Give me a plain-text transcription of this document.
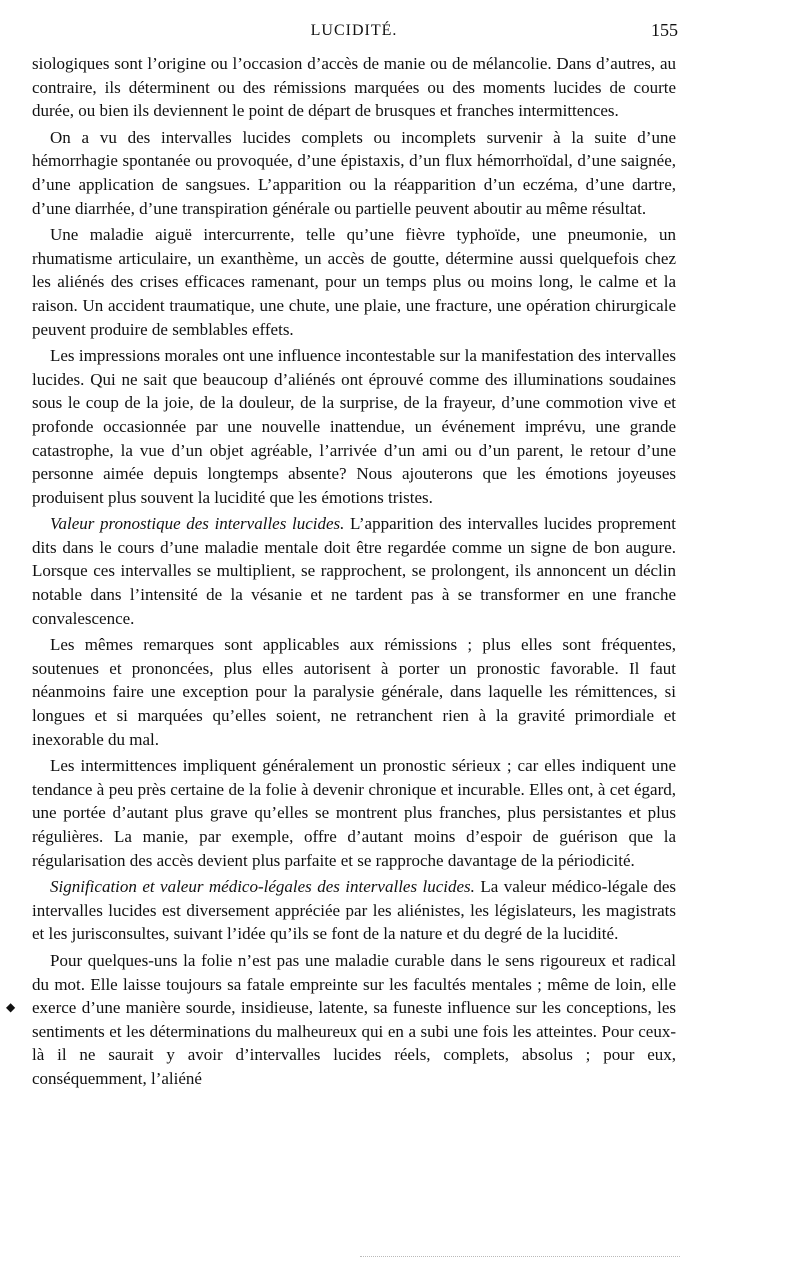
LUCIDITÉ.	155

siologiques sont l’origine ou l’occasion d’accès de manie ou de mélancolie. Dans d’autres, au contraire, ils déterminent ou des rémissions marquées ou des moments lucides de courte durée, ou bien ils deviennent le point de départ de brusques et franches intermittences.

On a vu des intervalles lucides complets ou incomplets survenir à la suite d’une hémorrhagie spontanée ou provoquée, d’une épistaxis, d’un flux hémorrhoïdal, d’une saignée, d’une application de sangsues. L’apparition ou la réapparition d’un eczéma, d’une dartre, d’une diarrhée, d’une transpiration générale ou partielle peuvent aboutir au même résultat.

Une maladie aiguë intercurrente, telle qu’une fièvre typhoïde, une pneumonie, un rhumatisme articulaire, un exanthème, un accès de goutte, détermine aussi quelquefois chez les aliénés des crises efficaces ramenant, pour un temps plus ou moins long, le calme et la raison. Un accident traumatique, une chute, une plaie, une fracture, une opération chirurgicale peuvent produire de semblables effets.

Les impressions morales ont une influence incontestable sur la manifestation des intervalles lucides. Qui ne sait que beaucoup d’aliénés ont éprouvé comme des illuminations soudaines sous le coup de la joie, de la douleur, de la surprise, de la frayeur, d’une commotion vive et profonde occasionnée par une nouvelle inattendue, un événement imprévu, une grande catastrophe, la vue d’un objet agréable, l’arrivée d’un ami ou d’un parent, le retour d’une personne aimée depuis longtemps absente? Nous ajouterons que les émotions joyeuses produisent plus souvent la lucidité que les émotions tristes.

Valeur pronostique des intervalles lucides. L’apparition des intervalles lucides proprement dits dans le cours d’une maladie mentale doit être regardée comme un signe de bon augure. Lorsque ces intervalles se multiplient, se rapprochent, se prolongent, ils annoncent un déclin notable dans l’intensité de la vésanie et ne tardent pas à se transformer en une franche convalescence.

Les mêmes remarques sont applicables aux rémissions ; plus elles sont fréquentes, soutenues et prononcées, plus elles autorisent à porter un pronostic favorable. Il faut néanmoins faire une exception pour la paralysie générale, dans laquelle les rémittences, si longues et si marquées qu’elles soient, ne retranchent rien à la gravité primordiale et inexorable du mal.

Les intermittences impliquent généralement un pronostic sérieux ; car elles indiquent une tendance à peu près certaine de la folie à devenir chronique et incurable. Elles ont, à cet égard, une portée d’autant plus grave qu’elles se montrent plus franches, plus persistantes et plus régulières. La manie, par exemple, offre d’autant moins d’espoir de guérison que la régularisation des accès devient plus parfaite et se rapproche davantage de la périodicité.

Signification et valeur médico-légales des intervalles lucides. La valeur médico-légale des intervalles lucides est diversement appréciée par les aliénistes, les législateurs, les magistrats et les jurisconsultes, suivant l’idée qu’ils se font de la nature et du degré de la lucidité.

Pour quelques-uns la folie n’est pas une maladie curable dans le sens rigoureux et radical du mot. Elle laisse toujours sa fatale empreinte sur les facultés mentales ; même de loin, elle exerce d’une manière sourde, insidieuse, latente, sa funeste influence sur les conceptions, les sentiments et les déterminations du malheureux qui en a subi une fois les atteintes. Pour ceux-là il ne saurait y avoir d’intervalles lucides réels, complets, absolus ; pour eux, conséquemment, l’aliéné

◆
